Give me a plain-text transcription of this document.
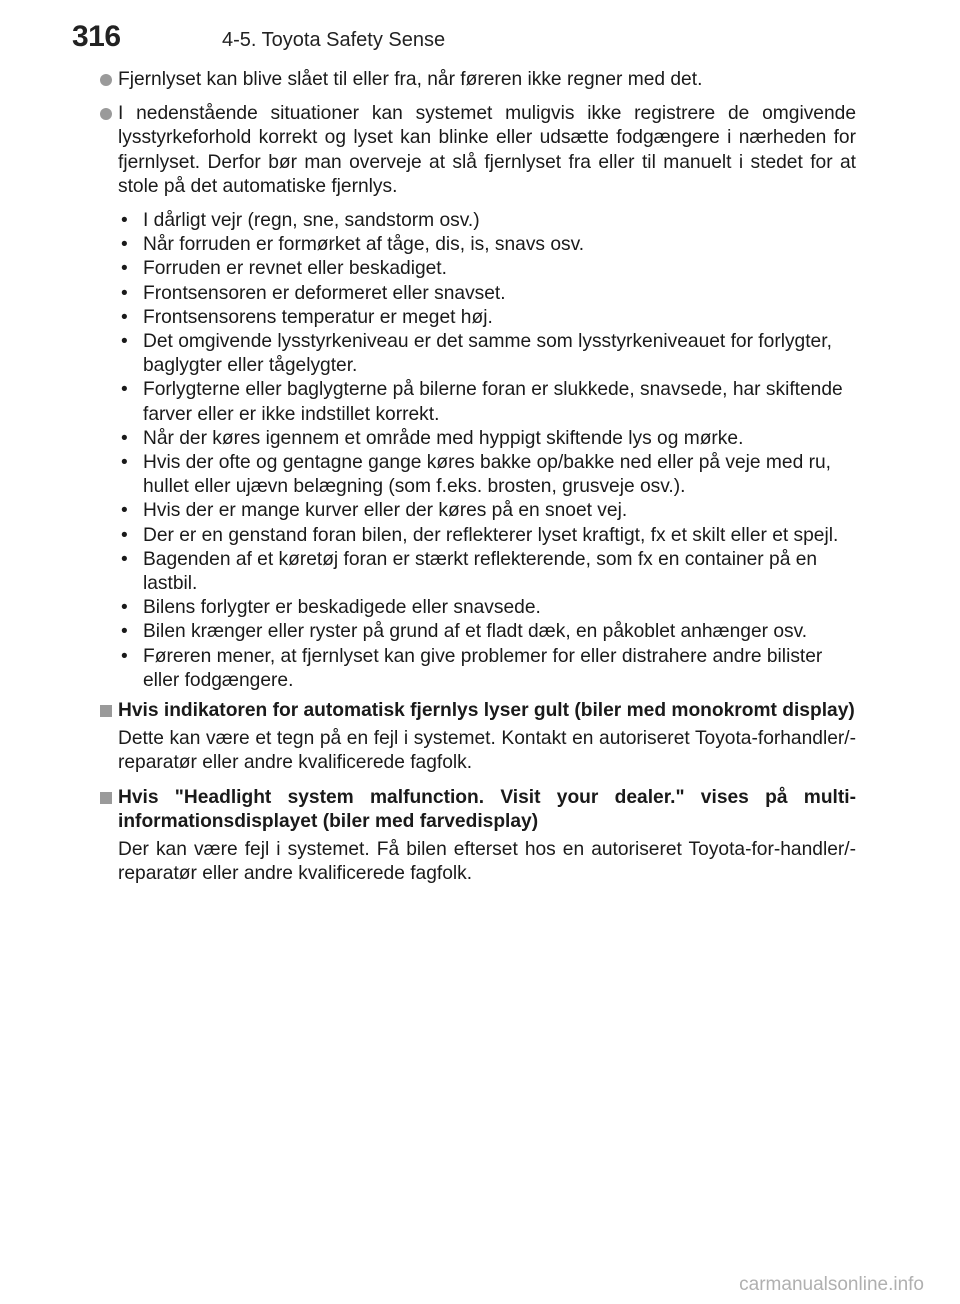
316	4-5. Toyota Safety Sense
Fjernlyset kan blive slået til eller fra, når føreren ikke regner med det.
I nedenstående situationer kan systemet muligvis ikke registrere de omgivende lysstyrkeforhold korrekt og lyset kan blinke eller udsætte fodgængere i nærheden for fjernlyset. Derfor bør man overveje at slå fjernlyset fra eller til manuelt i stedet for at stole på det automatiske fjernlys.
• I dårligt vejr (regn, sne, sandstorm osv.)
• Når forruden er formørket af tåge, dis, is, snavs osv.
• Forruden er revnet eller beskadiget.
• Frontsensoren er deformeret eller snavset.
• Frontsensorens temperatur er meget høj.
• Det omgivende lysstyrkeniveau er det samme som lysstyrkeniveauet for forlygter, baglygter eller tågelygter.
• Forlygterne eller baglygterne på bilerne foran er slukkede, snavsede, har skiftende farver eller er ikke indstillet korrekt.
• Når der køres igennem et område med hyppigt skiftende lys og mørke.
• Hvis der ofte og gentagne gange køres bakke op/bakke ned eller på veje med ru, hullet eller ujævn belægning (som f.eks. brosten, grusveje osv.).
• Hvis der er mange kurver eller der køres på en snoet vej.
• Der er en genstand foran bilen, der reflekterer lyset kraftigt, fx et skilt eller et spejl.
• Bagenden af et køretøj foran er stærkt reflekterende, som fx en container på en lastbil.
• Bilens forlygter er beskadigede eller snavsede.
• Bilen krænger eller ryster på grund af et fladt dæk, en påkoblet anhænger osv.
• Føreren mener, at fjernlyset kan give problemer for eller distrahere andre bilister eller fodgængere.
Hvis indikatoren for automatisk fjernlys lyser gult (biler med monokromt display)
Dette kan være et tegn på en fejl i systemet. Kontakt en autoriseret Toyota-forhandler/-reparatør eller andre kvalificerede fagfolk.
Hvis "Headlight system malfunction. Visit your dealer." vises på multi-informationsdisplayet (biler med farvedisplay)
Der kan være fejl i systemet. Få bilen efterset hos en autoriseret Toyota-for-handler/-reparatør eller andre kvalificerede fagfolk.
carmanualsonline.info
